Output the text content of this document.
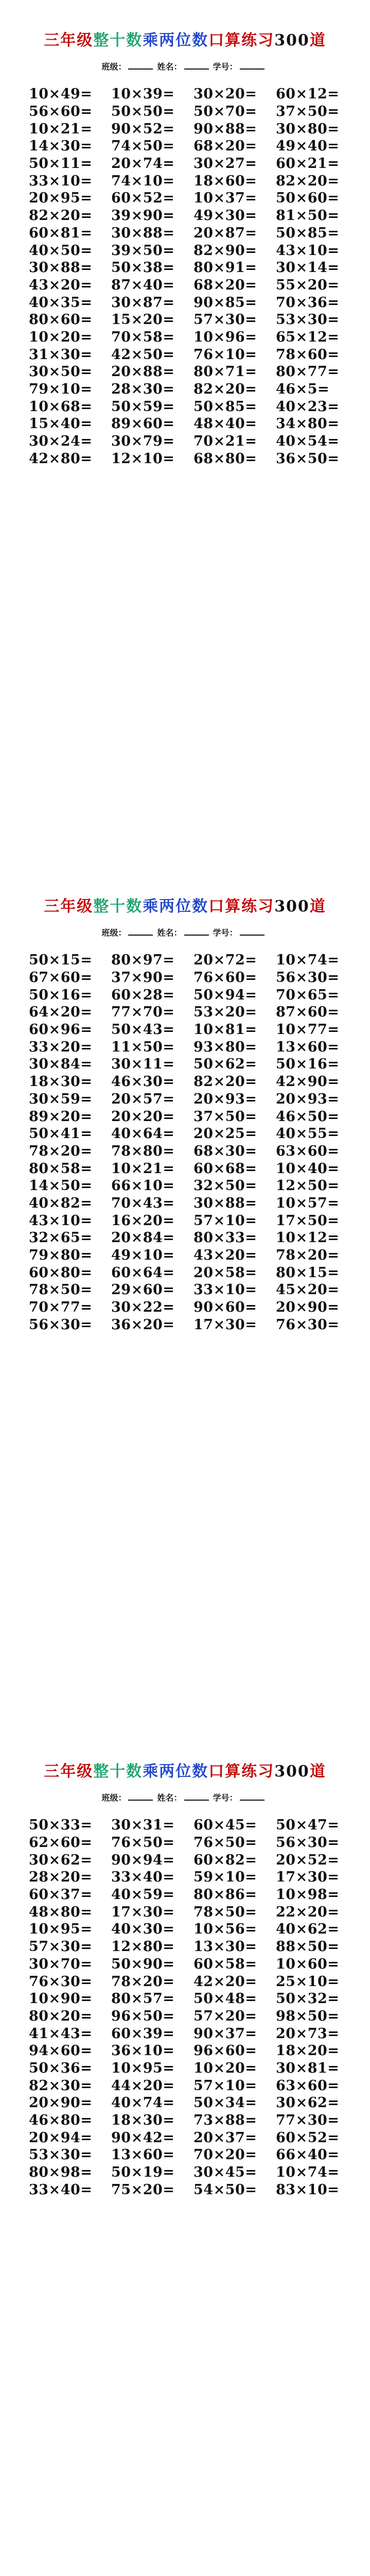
三年级整十数乘两位数口算练习300道
班级：	姓名：	学号：
10×49=	10×39=	30×20=	60×12=
56×60=	50×50=	50×70=	37×50=
10×21=	90×52=	90×88=	30×80=
14×30=	74×50=	68×20=	49×40=
50×11=	20×74=	30×27=	60×21=
33×10=	74×10=	18×60=	82×20=
20×95=	60×52=	10×37=	50×60=
82×20=	39×90=	49×30=	81×50=
60×81=	30×88=	20×87=	50×85=
40×50=	39×50=	82×90=	43×10=
30×88=	50×38=	80×91=	30×14=
43×20=	87×40=	68×20=	55×20=
40×35=	30×87=	90×85=	70×36=
80×60=	15×20=	57×30=	53×30=
10×20=	70×58=	10×96=	65×12=
31×30=	42×50=	76×10=	78×60=
30×50=	20×88=	80×71=	80×77=
79×10=	28×30=	82×20=	46×5=
10×68=	50×59=	50×85=	40×23=
15×40=	89×60=	48×40=	34×80=
30×24=	30×79=	70×21=	40×54=
42×80=	12×10=	68×80=	36×50=
三年级整十数乘两位数口算练习300道
班级：	姓名：	学号：
50×15=	80×97=	20×72=	10×74=
67×60=	37×90=	76×60=	56×30=
50×16=	60×28=	50×94=	70×65=
64×20=	77×70=	53×20=	87×60=
60×96=	50×43=	10×81=	10×77=
33×20=	11×50=	93×80=	13×60=
30×84=	30×11=	50×62=	50×16=
18×30=	46×30=	82×20=	42×90=
30×59=	20×57=	20×93=	20×93=
89×20=	20×20=	37×50=	46×50=
50×41=	40×64=	20×25=	40×55=
78×20=	78×80=	68×30=	63×60=
80×58=	10×21=	60×68=	10×40=
14×50=	66×10=	32×50=	12×50=
40×82=	70×43=	30×88=	10×57=
43×10=	16×20=	57×10=	17×50=
32×65=	20×84=	80×33=	10×12=
79×80=	49×10=	43×20=	78×20=
60×80=	60×64=	20×58=	80×15=
78×50=	29×60=	33×10=	45×20=
70×77=	30×22=	90×60=	20×90=
56×30=	36×20=	17×30=	76×30=
三年级整十数乘两位数口算练习300道
班级：	姓名：	学号：
50×33=	30×31=	60×45=	50×47=
62×60=	76×50=	76×50=	56×30=
30×62=	90×94=	60×82=	20×52=
28×20=	33×40=	59×10=	17×30=
60×37=	40×59=	80×86=	10×98=
48×80=	17×30=	78×50=	22×20=
10×95=	40×30=	10×56=	40×62=
57×30=	12×80=	13×30=	88×50=
30×70=	50×90=	60×58=	10×60=
76×30=	78×20=	42×20=	25×10=
10×90=	80×57=	50×48=	50×32=
80×20=	96×50=	57×20=	98×50=
41×43=	60×39=	90×37=	20×73=
94×60=	36×10=	96×60=	18×20=
50×36=	10×95=	10×20=	30×81=
82×30=	44×20=	57×10=	63×60=
20×90=	40×74=	50×34=	30×62=
46×80=	18×30=	73×88=	77×30=
20×94=	90×42=	20×37=	60×52=
53×30=	13×60=	70×20=	66×40=
80×98=	50×19=	30×45=	10×74=
33×40=	75×20=	54×50=	83×10=
